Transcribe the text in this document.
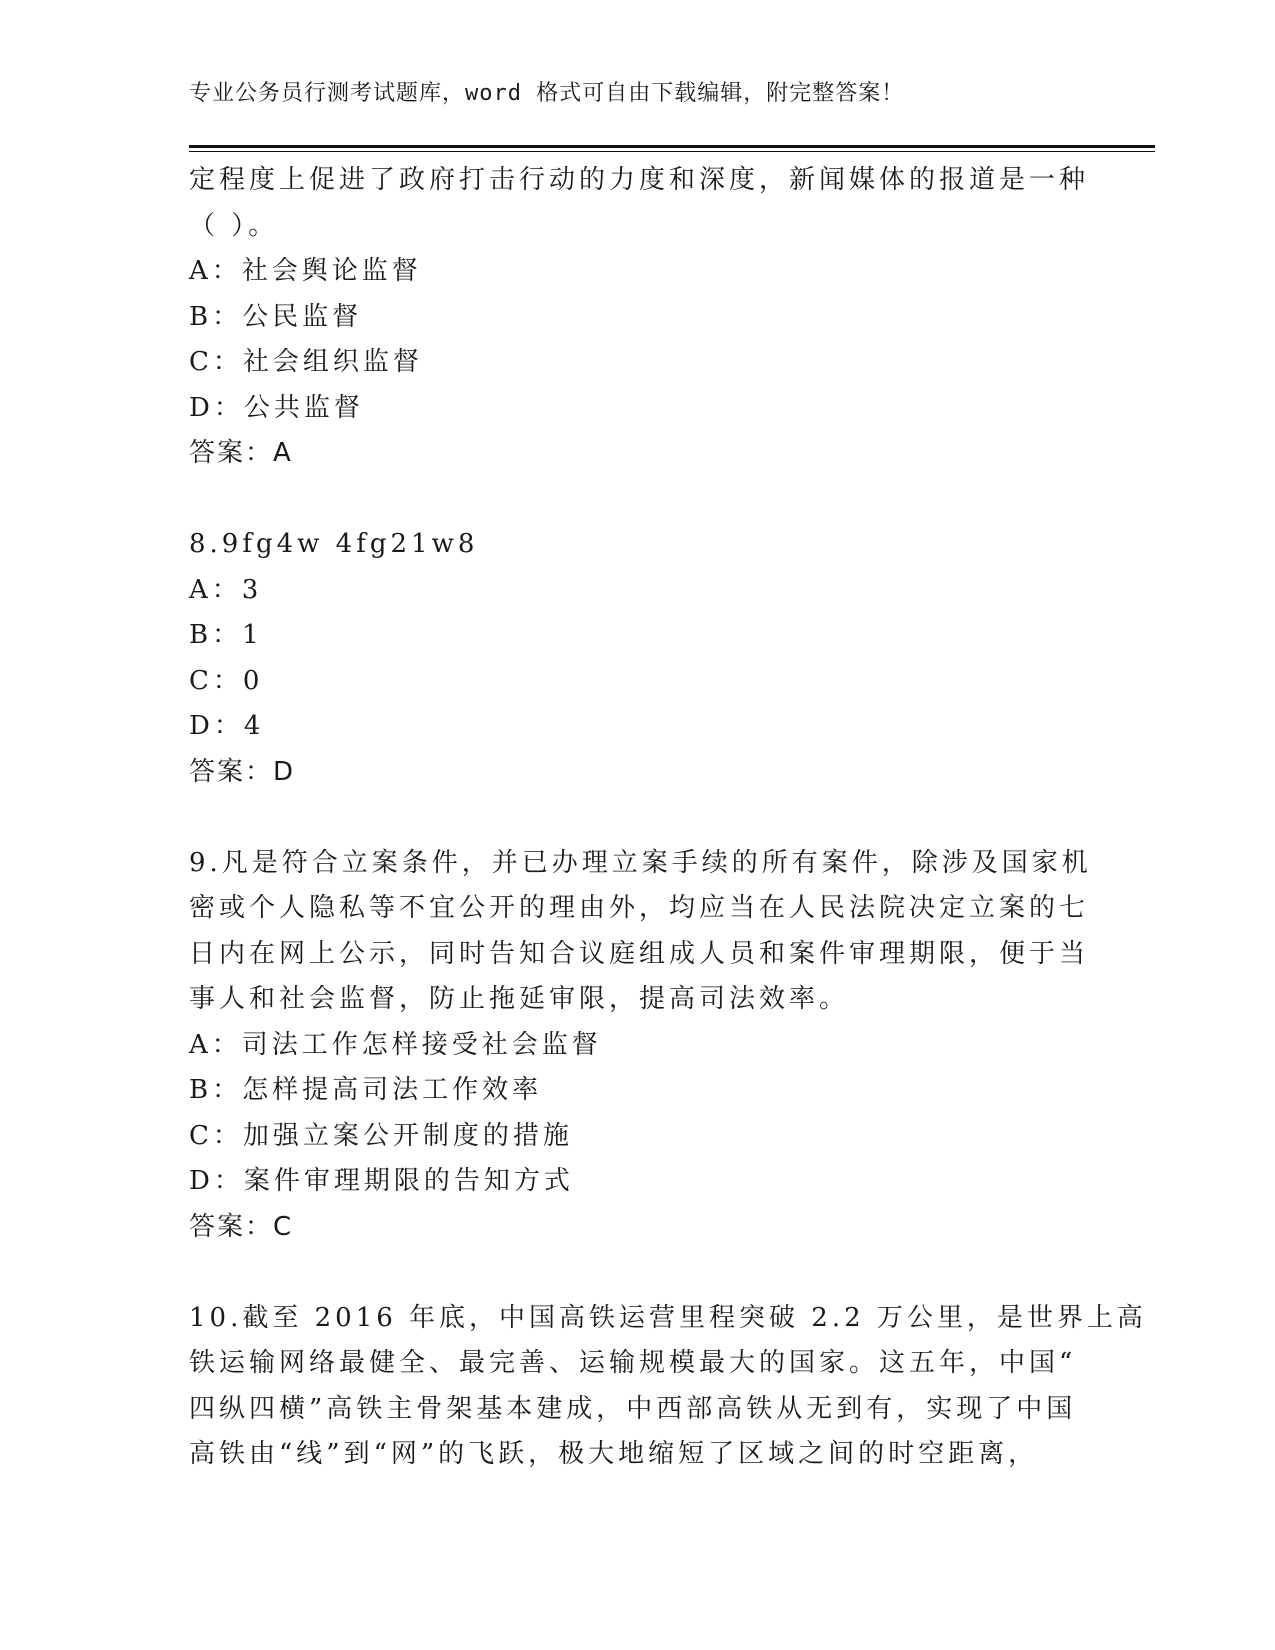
专业公务员行测考试题库，word 格式可自由下载编辑，附完整答案！
定程度上促进了政府打击行动的力度和深度，新闻媒体的报道是一种
（ ）。
A：社会舆论监督
B：公民监督
C：社会组织监督
D：公共监督
答案：A
8.9fg4w 4fg21w8
A：3
B：1
C：0
D：4
答案：D
9.凡是符合立案条件，并已办理立案手续的所有案件，除涉及国家机
密或个人隐私等不宜公开的理由外，均应当在人民法院决定立案的七
日内在网上公示，同时告知合议庭组成人员和案件审理期限，便于当
事人和社会监督，防止拖延审限，提高司法效率。
A：司法工作怎样接受社会监督
B：怎样提高司法工作效率
C：加强立案公开制度的措施
D：案件审理期限的告知方式
答案：C
10.截至 2016 年底，中国高铁运营里程突破 2.2 万公里，是世界上高
铁运输网络最健全、最完善、运输规模最大的国家。这五年，中国“
四纵四横”高铁主骨架基本建成，中西部高铁从无到有，实现了中国
高铁由“线”到“网”的飞跃，极大地缩短了区域之间的时空距离，
